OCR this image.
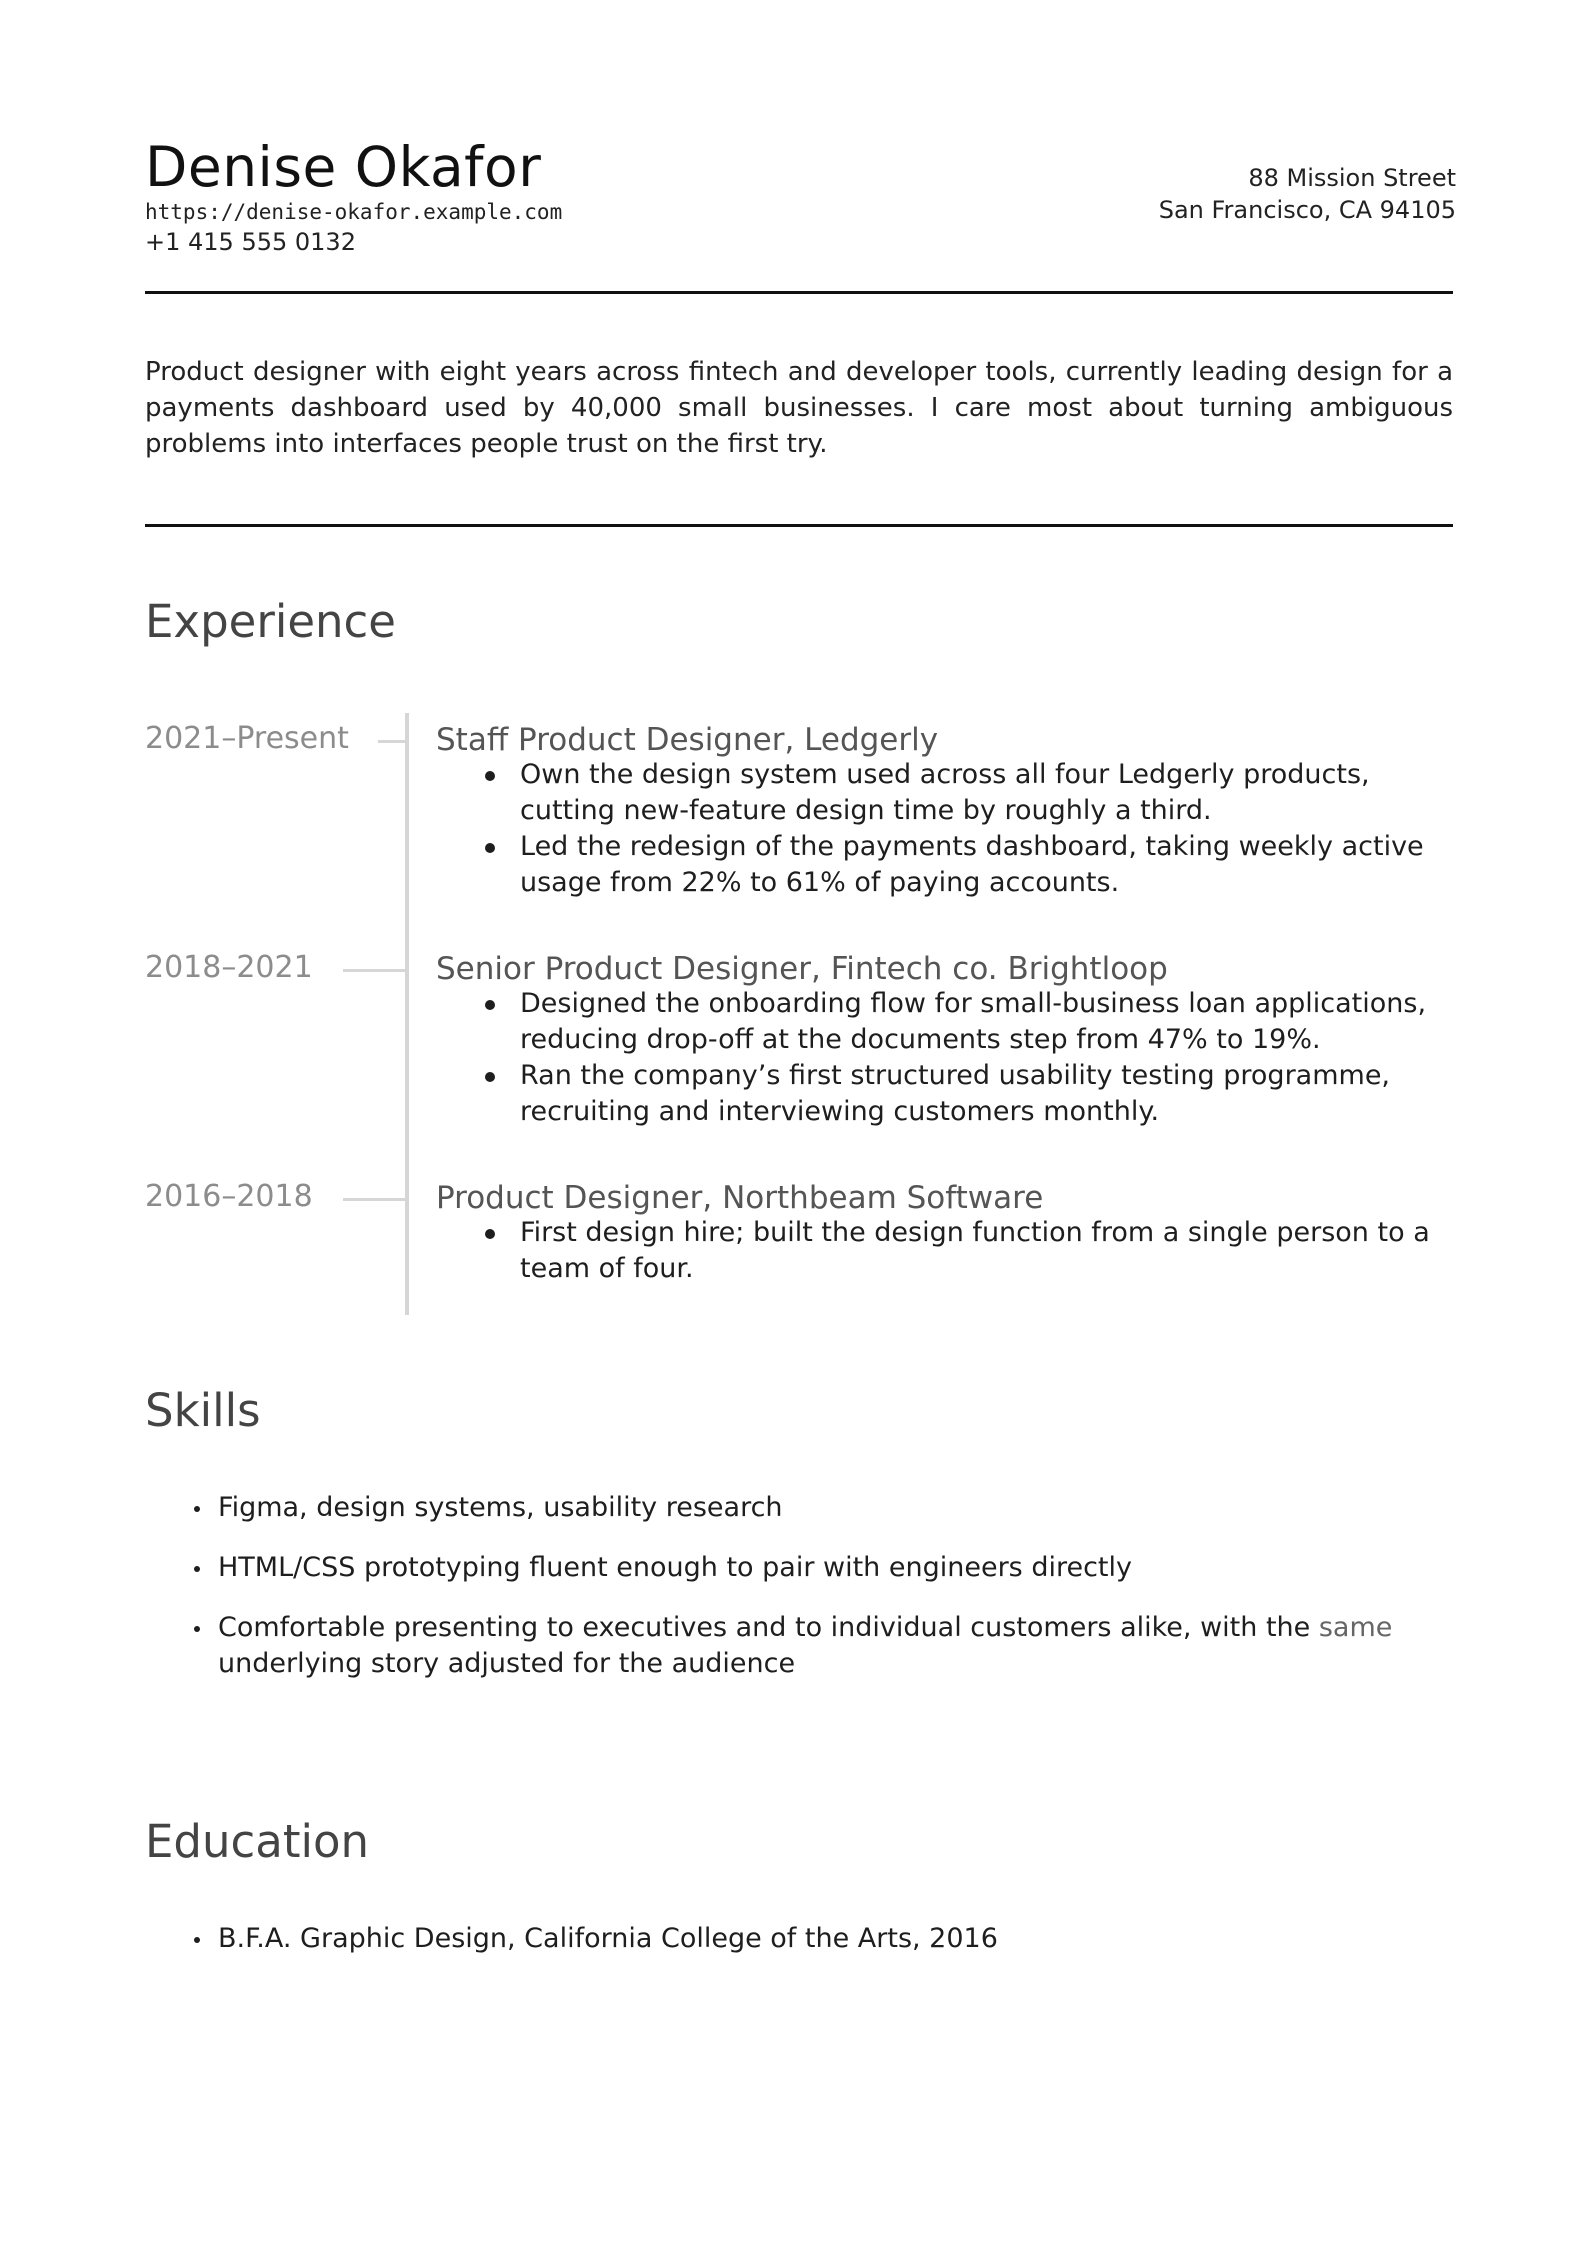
Denise Okafor
https://denise-okafor.example.com
+1 415 555 0132
88 Mission Street
San Francisco, CA 94105
Product designer with eight years across fintech and developer tools, currently leading design for a payments dashboard used by 40,000 small businesses. I care most about turning ambiguous problems into interfaces people trust on the first try.
Experience
2021–Present	Staff Product Designer, Ledgerly
Own the design system used across all four Ledgerly products, cutting new-feature design time by roughly a third.
Led the redesign of the payments dashboard, taking weekly active usage from 22% to 61% of paying accounts.
2018–2021	Senior Product Designer, Fintech co. Brightloop
Designed the onboarding flow for small-business loan applications, reducing drop-off at the documents step from 47% to 19%.
Ran the company’s first structured usability testing programme, recruiting and interviewing customers monthly.
2016–2018	Product Designer, Northbeam Software
First design hire; built the design function from a single person to a team of four.
Skills
Figma, design systems, usability research
HTML/CSS prototyping fluent enough to pair with engineers directly
Comfortable presenting to executives and to individual customers alike, with the same underlying story adjusted for the audience
Education
B.F.A. Graphic Design, California College of the Arts, 2016
